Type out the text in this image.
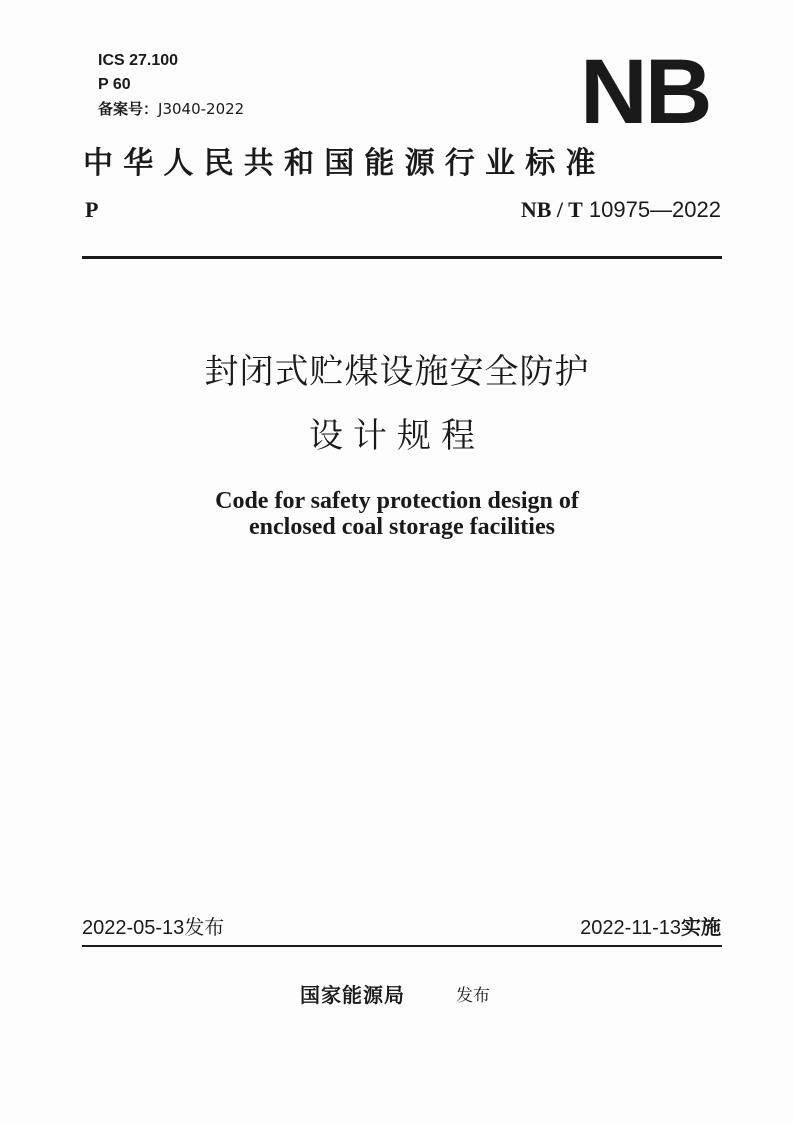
ICS 27.100
P 60
备案号：J3040-2022	NB
中华人民共和国能源行业标准
P	NB / T 10975—2022
封闭式贮煤设施安全防护
设计规程
Code for safety protection design of
enclosed coal storage facilities
2022-05-13发布	2022-11-13实施
国家能源局	发布
